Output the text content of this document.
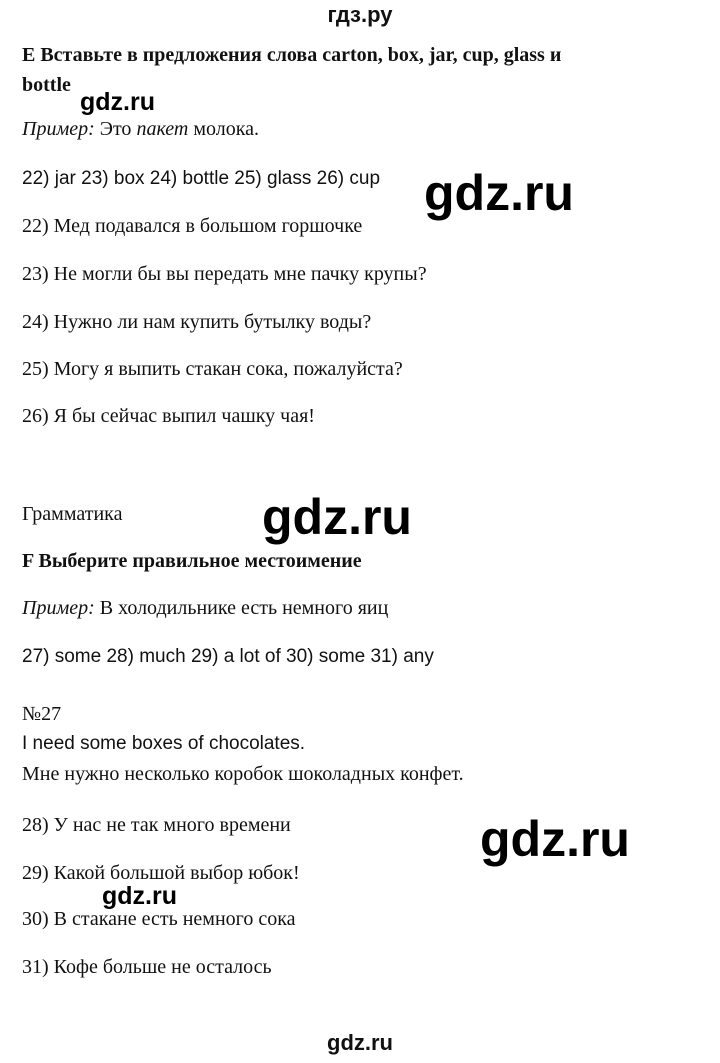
гдз.ру
E Вставьте в предложения слова carton, box, jar, cup, glass и
bottle
gdz.ru
Пример: Это пакет молока.
22) jar 23) box 24) bottle 25) glass 26) cup gdz.ru
22) Мед подавался в большом горшочке
23) Не могли бы вы передать мне пачку крупы?
24) Нужно ли нам купить бутылку воды?
25) Могу я выпить стакан сока, пожалуйста?
26) Я бы сейчас выпил чашку чая!
Грамматика	gdz.ru
F Выберите правильное местоимение
Пример: В холодильнике есть немного яиц
27) some 28) much 29) a lot of 30) some 31) any
№27
I need some boxes of chocolates.
Мне нужно несколько коробок шоколадных конфет.
28) У нас не так много времени	gdz.ru
29) Какой большой выбор юбок!
gdz.ru
30) В стакане есть немного сока
31) Кофе больше не осталось
gdz.ru
